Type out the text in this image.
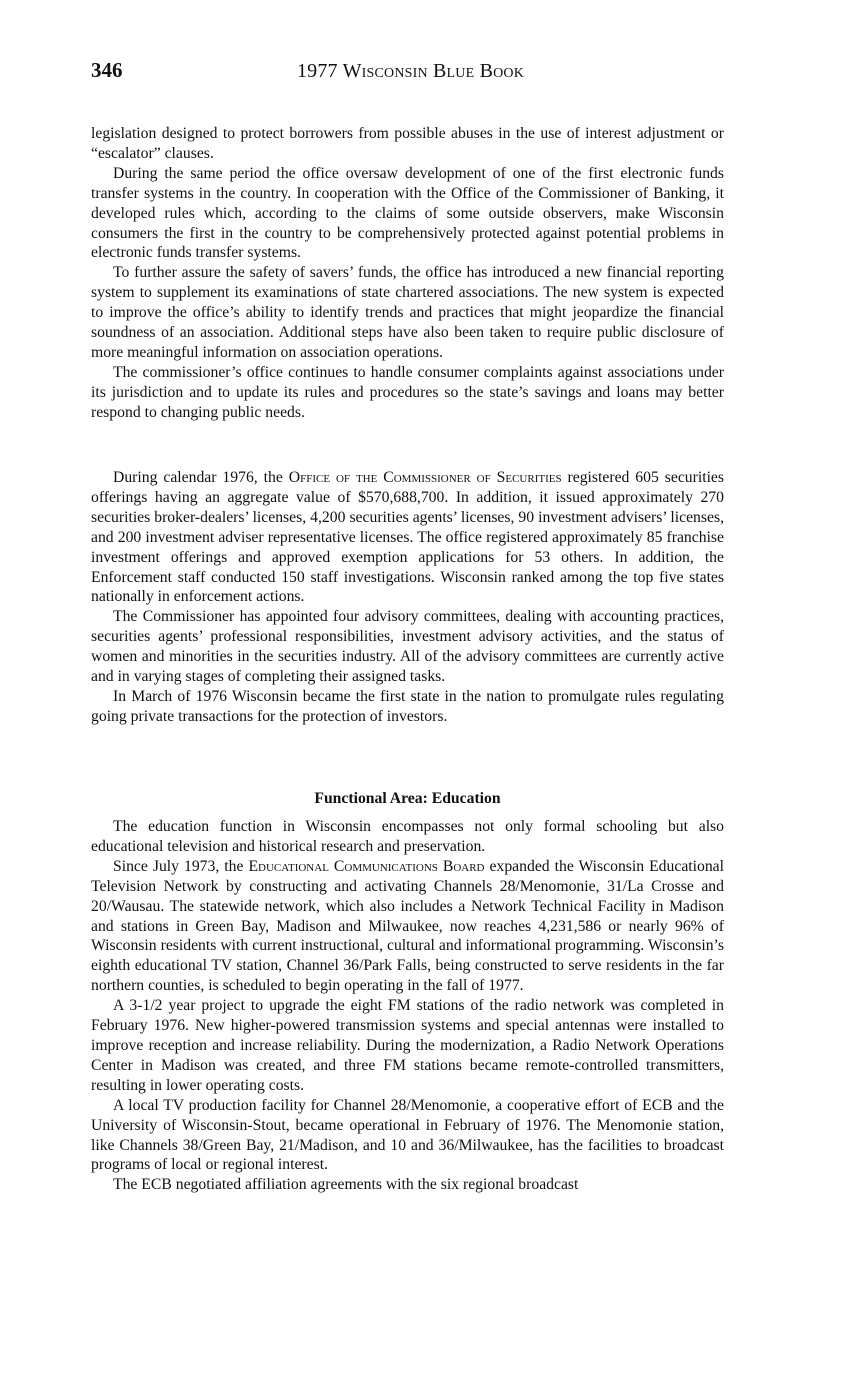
346	1977 Wisconsin Blue Book

legislation designed to protect borrowers from possible abuses in the use of interest adjustment or “escalator” clauses.

During the same period the office oversaw development of one of the first electronic funds transfer systems in the country. In cooperation with the Office of the Commissioner of Banking, it developed rules which, according to the claims of some outside observers, make Wisconsin consumers the first in the country to be comprehensively protected against potential problems in electronic funds transfer systems.

To further assure the safety of savers’ funds, the office has introduced a new financial reporting system to supplement its examinations of state chartered associations. The new system is expected to improve the office’s ability to identify trends and practices that might jeopardize the financial soundness of an association. Additional steps have also been taken to require public disclosure of more meaningful information on association operations.

The commissioner’s office continues to handle consumer complaints against associations under its jurisdiction and to update its rules and procedures so the state’s savings and loans may better respond to changing public needs.

During calendar 1976, the Office of the Commissioner of Securities registered 605 securities offerings having an aggregate value of $570,688,700. In addition, it issued approximately 270 securities broker-dealers’ licenses, 4,200 securities agents’ licenses, 90 investment advisers’ licenses, and 200 investment adviser representative licenses. The office registered approximately 85 franchise investment offerings and approved exemption applications for 53 others. In addition, the Enforcement staff conducted 150 staff investigations. Wisconsin ranked among the top five states nationally in enforcement actions.

The Commissioner has appointed four advisory committees, dealing with accounting practices, securities agents’ professional responsibilities, investment advisory activities, and the status of women and minorities in the securities industry. All of the advisory committees are currently active and in varying stages of completing their assigned tasks.

In March of 1976 Wisconsin became the first state in the nation to promulgate rules regulating going private transactions for the protection of investors.

Functional Area: Education

The education function in Wisconsin encompasses not only formal schooling but also educational television and historical research and preservation.

Since July 1973, the Educational Communications Board expanded the Wisconsin Educational Television Network by constructing and activating Channels 28/Menomonie, 31/La Crosse and 20/Wausau. The statewide network, which also includes a Network Technical Facility in Madison and stations in Green Bay, Madison and Milwaukee, now reaches 4,231,586 or nearly 96% of Wisconsin residents with current instructional, cultural and informational programming. Wisconsin’s eighth educational TV station, Channel 36/Park Falls, being constructed to serve residents in the far northern counties, is scheduled to begin operating in the fall of 1977.

A 3-1/2 year project to upgrade the eight FM stations of the radio network was completed in February 1976. New higher-powered transmission systems and special antennas were installed to improve reception and increase reliability. During the modernization, a Radio Network Operations Center in Madison was created, and three FM stations became remote-controlled transmitters, resulting in lower operating costs.

A local TV production facility for Channel 28/Menomonie, a cooperative effort of ECB and the University of Wisconsin-Stout, became operational in February of 1976. The Menomonie station, like Channels 38/Green Bay, 21/Madison, and 10 and 36/Milwaukee, has the facilities to broadcast programs of local or regional interest.

The ECB negotiated affiliation agreements with the six regional broadcast
